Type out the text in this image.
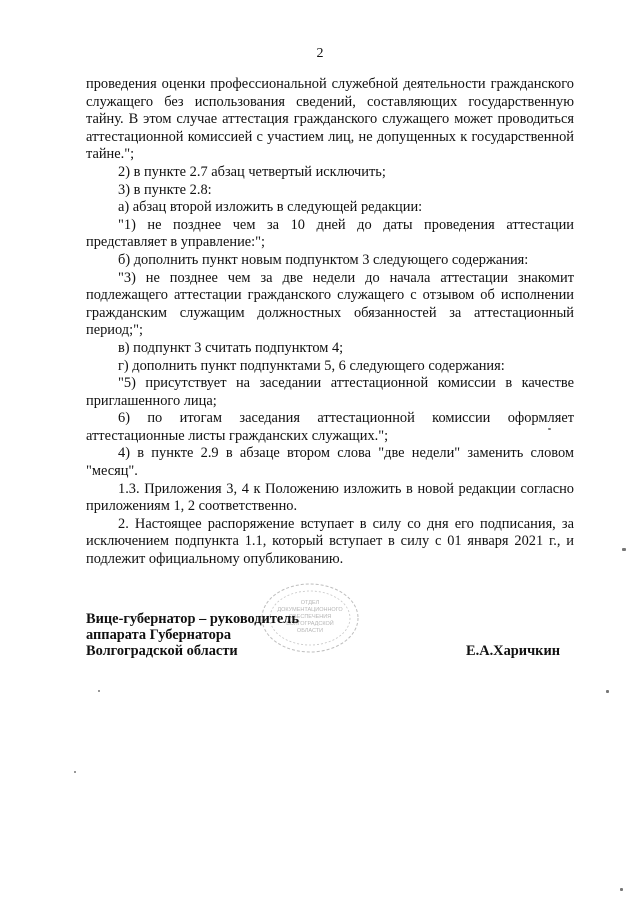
2

проведения оценки профессиональной служебной деятельности гражданского служащего без использования сведений, составляющих государственную тайну. В этом случае аттестация гражданского служащего может проводиться аттестационной комиссией с участием лиц, не допущенных к государственной тайне.";

2) в пункте 2.7 абзац четвертый исключить;

3) в пункте 2.8:

а) абзац второй изложить в следующей редакции:

"1) не позднее чем за 10 дней до даты проведения аттестации представляет в управление:";

б) дополнить пункт новым подпунктом 3 следующего содержания:

"3) не позднее чем за две недели до начала аттестации знакомит подлежащего аттестации гражданского служащего с отзывом об исполнении гражданским служащим должностных обязанностей за аттестационный период;";

в) подпункт 3 считать подпунктом 4;

г) дополнить пункт подпунктами 5, 6 следующего содержания:

"5) присутствует на заседании аттестационной комиссии в качестве приглашенного лица;

6) по итогам заседания аттестационной комиссии оформляет аттестационные листы гражданских служащих.";

4) в пункте 2.9 в абзаце втором слова "две недели" заменить словом "месяц".

1.3. Приложения 3, 4 к Положению изложить в новой редакции согласно приложениям 1, 2 соответственно.

2. Настоящее распоряжение вступает в силу со дня его подписания, за исключением подпункта 1.1, который вступает в силу с 01 января 2021 г., и подлежит официальному опубликованию.

ОТДЕЛ
ДОКУМЕНТАЦИОННОГО
ОБЕСПЕЧЕНИЯ
ВОЛГОГРАДСКОЙ
ОБЛАСТИ
Вице-губернатор – руководитель
аппарата Губернатора
Волгоградской области	Е.А.Харичкин
